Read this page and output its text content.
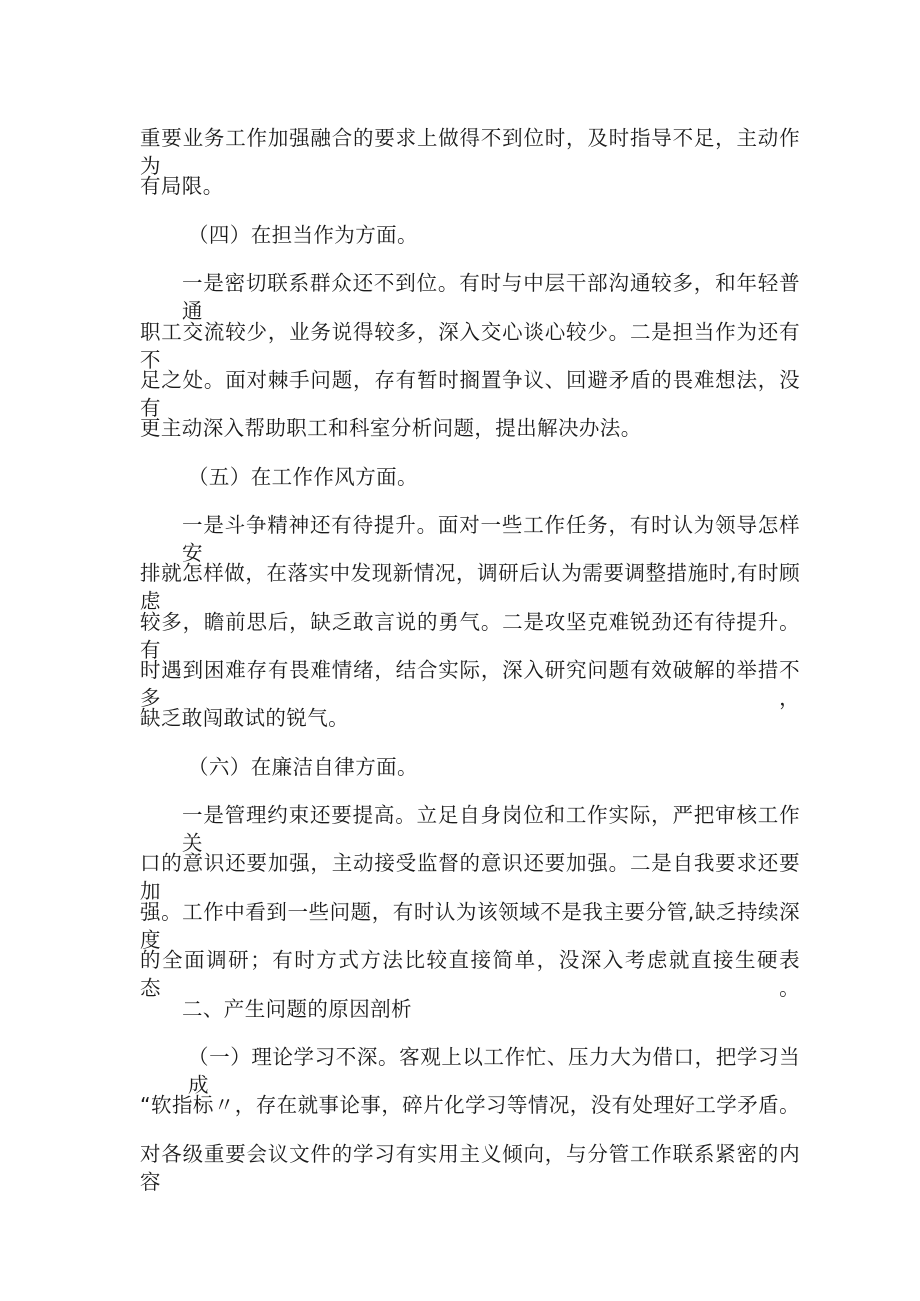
重要业务工作加强融合的要求上做得不到位时，及时指导不足，主动作为
有局限。
（四）在担当作为方面。
一是密切联系群众还不到位。有时与中层干部沟通较多，和年轻普通
职工交流较少，业务说得较多，深入交心谈心较少。二是担当作为还有不
足之处。面对棘手问题，存有暂时搁置争议、回避矛盾的畏难想法，没有
更主动深入帮助职工和科室分析问题，提出解决办法。
（五）在工作作风方面。
一是斗争精神还有待提升。面对一些工作任务，有时认为领导怎样安
排就怎样做，在落实中发现新情况，调研后认为需要调整措施时,有时顾虑
较多，瞻前思后，缺乏敢言说的勇气。二是攻坚克难锐劲还有待提升。有
时遇到困难存有畏难情绪，结合实际，深入研究问题有效破解的举措不多，
缺乏敢闯敢试的锐气。
（六）在廉洁自律方面。
一是管理约束还要提高。立足自身岗位和工作实际，严把审核工作关
口的意识还要加强，主动接受监督的意识还要加强。二是自我要求还要加
强。工作中看到一些问题，有时认为该领域不是我主要分管,缺乏持续深度
的全面调研；有时方式方法比较直接简单，没深入考虑就直接生硬表态。
二、产生问题的原因剖析
（一）理论学习不深。客观上以工作忙、压力大为借口，把学习当成
“软指标〃，存在就事论事，碎片化学习等情况，没有处理好工学矛盾。
对各级重要会议文件的学习有实用主义倾向，与分管工作联系紧密的内容
